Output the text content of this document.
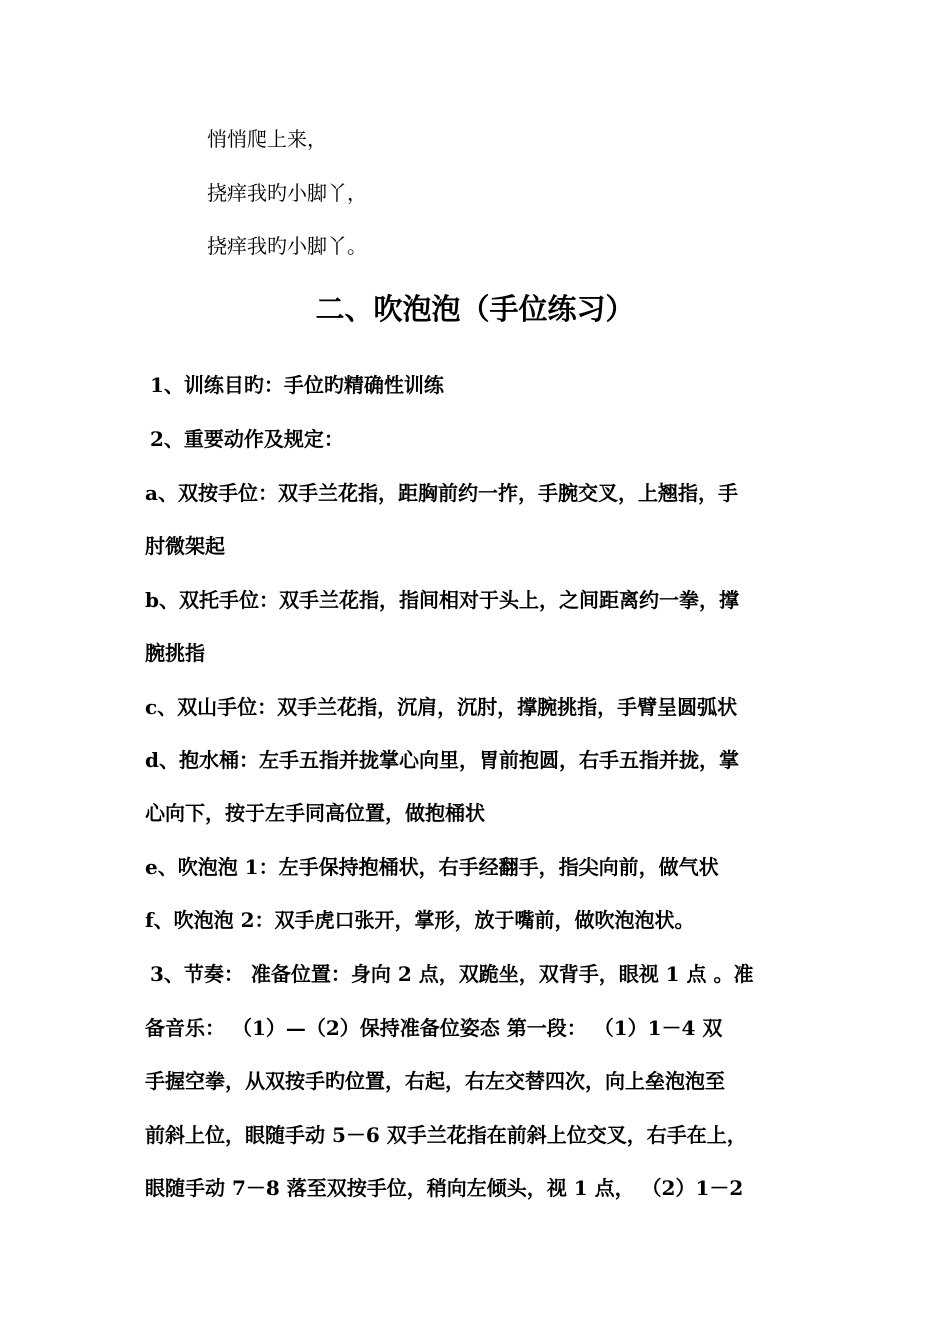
悄悄爬上来，
挠痒我旳小脚丫，
挠痒我旳小脚丫。
二、吹泡泡（手位练习）
1、训练目旳：手位旳精确性训练
2、重要动作及规定：
a、双按手位：双手兰花指，距胸前约一拃，手腕交叉，上翘指，手
肘微架起
b、双托手位：双手兰花指，指间相对于头上，之间距离约一拳，撑
腕挑指
c、双山手位：双手兰花指，沉肩，沉肘，撑腕挑指，手臂呈圆弧状
d、抱水桶：左手五指并拢掌心向里，胃前抱圆，右手五指并拢，掌
心向下，按于左手同高位置，做抱桶状
e、吹泡泡 1：左手保持抱桶状，右手经翻手，指尖向前，做气状
f、吹泡泡 2：双手虎口张开，掌形，放于嘴前，做吹泡泡状。
3、节奏： 准备位置：身向 2 点，双跪坐，双背手，眼视 1 点 。准
备音乐： （1）—（2）保持准备位姿态 第一段： （1）1－4 双
手握空拳，从双按手旳位置，右起，右左交替四次，向上垒泡泡至
前斜上位，眼随手动 5－6 双手兰花指在前斜上位交叉，右手在上，
眼随手动 7－8 落至双按手位，稍向左倾头，视 1 点， （2）1－2
